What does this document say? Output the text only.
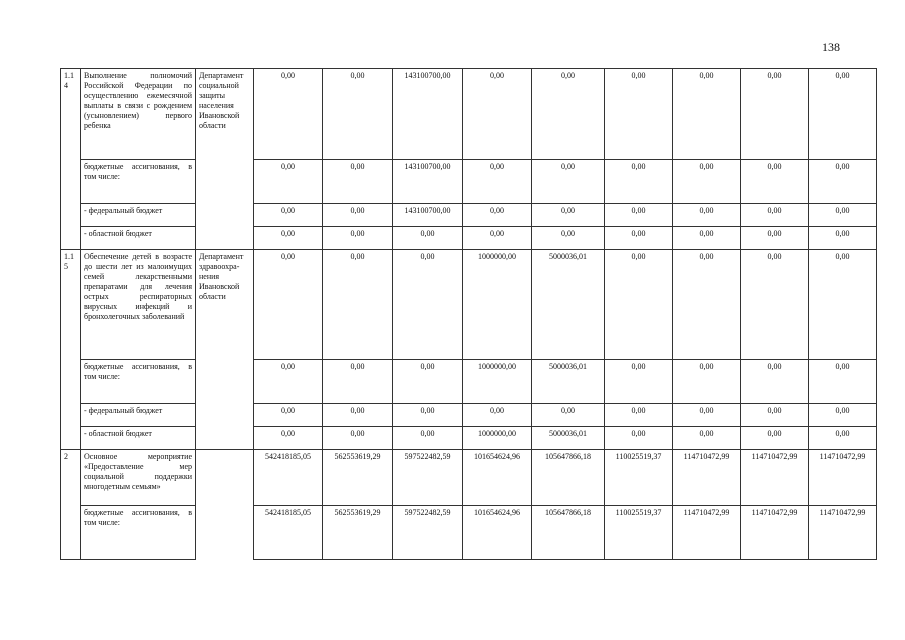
138
1.14	Выполнение полномочий Российской Федерации по осуществлению ежемесячной выплаты в связи с рождением (усыновлением) первого ребенка	Департамент социальной защиты населения Ивановской области	0,00	0,00	143100700,00	0,00	0,00	0,00	0,00	0,00	0,00
	бюджетные ассигнования, в том числе:		0,00	0,00	143100700,00	0,00	0,00	0,00	0,00	0,00	0,00
	- федеральный бюджет		0,00	0,00	143100700,00	0,00	0,00	0,00	0,00	0,00	0,00
	- областной бюджет		0,00	0,00	0,00	0,00	0,00	0,00	0,00	0,00	0,00
1.15	Обеспечение детей в возрасте до шести лет из малоимущих семей лекарственными препаратами для лечения острых респираторных вирусных инфекций и бронхолегочных заболеваний	Департамент здравоохра-нения Ивановской области	0,00	0,00	0,00	1000000,00	5000036,01	0,00	0,00	0,00	0,00
	бюджетные ассигнования, в том числе:		0,00	0,00	0,00	1000000,00	5000036,01	0,00	0,00	0,00	0,00
	- федеральный бюджет		0,00	0,00	0,00	0,00	0,00	0,00	0,00	0,00	0,00
	- областной бюджет		0,00	0,00	0,00	1000000,00	5000036,01	0,00	0,00	0,00	0,00
2	Основное мероприятие «Предоставление мер социальной поддержки многодетным семьям»		542418185,05	562553619,29	597522482,59	101654624,96	105647866,18	110025519,37	114710472,99	114710472,99	114710472,99
	бюджетные ассигнования, в том числе:		542418185,05	562553619,29	597522482,59	101654624,96	105647866,18	110025519,37	114710472,99	114710472,99	114710472,99
